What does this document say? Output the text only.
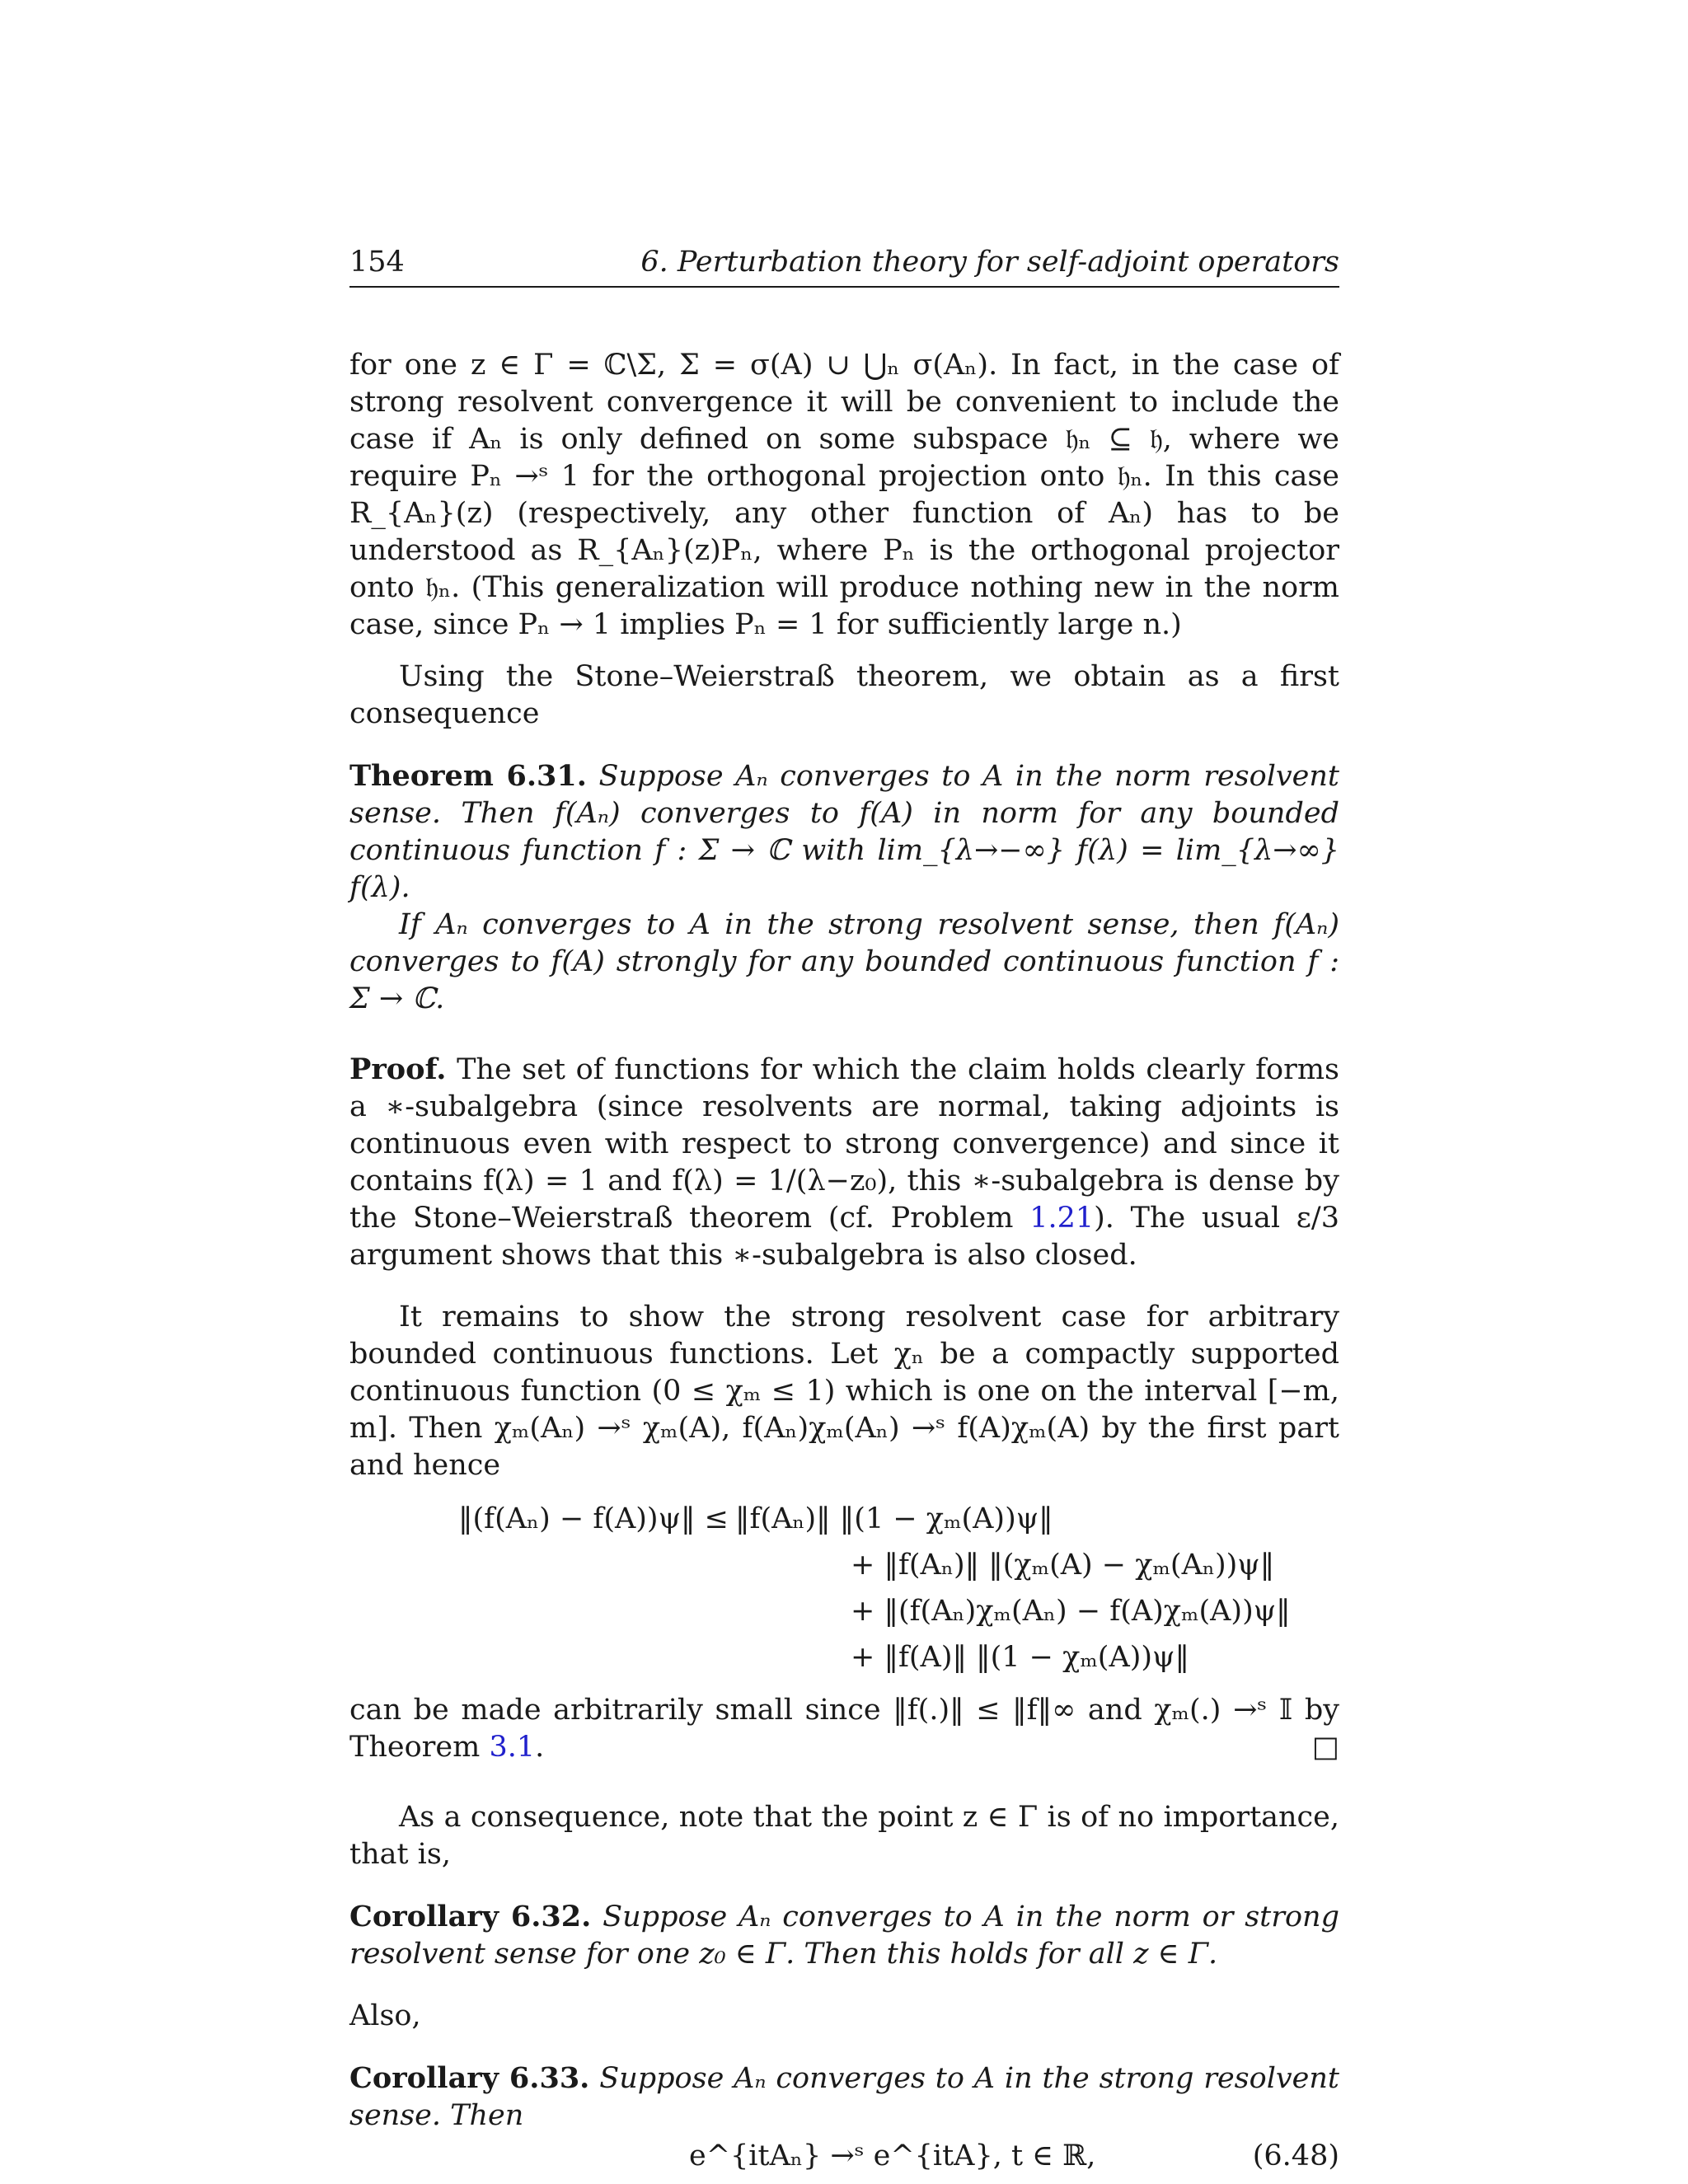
154	6. Perturbation theory for self-adjoint operators

for one z ∈ Γ = ℂ\Σ, Σ = σ(A) ∪ ⋃ₙ σ(Aₙ). In fact, in the case of strong resolvent convergence it will be convenient to include the case if Aₙ is only defined on some subspace 𝔥ₙ ⊆ 𝔥, where we require Pₙ →ˢ 1 for the orthogonal projection onto 𝔥ₙ. In this case R_{Aₙ}(z) (respectively, any other function of Aₙ) has to be understood as R_{Aₙ}(z)Pₙ, where Pₙ is the orthogonal projector onto 𝔥ₙ. (This generalization will produce nothing new in the norm case, since Pₙ → 1 implies Pₙ = 1 for sufficiently large n.)

Using the Stone–Weierstraß theorem, we obtain as a first consequence

Theorem 6.31. Suppose Aₙ converges to A in the norm resolvent sense. Then f(Aₙ) converges to f(A) in norm for any bounded continuous function f : Σ → ℂ with lim_{λ→−∞} f(λ) = lim_{λ→∞} f(λ).

If Aₙ converges to A in the strong resolvent sense, then f(Aₙ) converges to f(A) strongly for any bounded continuous function f : Σ → ℂ.

Proof. The set of functions for which the claim holds clearly forms a ∗-subalgebra (since resolvents are normal, taking adjoints is continuous even with respect to strong convergence) and since it contains f(λ) = 1 and f(λ) = 1/(λ−z₀), this ∗-subalgebra is dense by the Stone–Weierstraß theorem (cf. Problem 1.21). The usual ε/3 argument shows that this ∗-subalgebra is also closed.

It remains to show the strong resolvent case for arbitrary bounded continuous functions. Let χₙ be a compactly supported continuous function (0 ≤ χₘ ≤ 1) which is one on the interval [−m, m]. Then χₘ(Aₙ) →ˢ χₘ(A), f(Aₙ)χₘ(Aₙ) →ˢ f(A)χₘ(A) by the first part and hence

‖(f(Aₙ) − f(A))ψ‖ ≤ ‖f(Aₙ)‖ ‖(1 − χₘ(A))ψ‖
+ ‖f(Aₙ)‖ ‖(χₘ(A) − χₘ(Aₙ))ψ‖
+ ‖(f(Aₙ)χₘ(Aₙ) − f(A)χₘ(A))ψ‖
+ ‖f(A)‖ ‖(1 − χₘ(A))ψ‖

can be made arbitrarily small since ‖f(.)‖ ≤ ‖f‖∞ and χₘ(.) →ˢ 𝕀 by Theorem 3.1.	□

As a consequence, note that the point z ∈ Γ is of no importance, that is,

Corollary 6.32. Suppose Aₙ converges to A in the norm or strong resolvent sense for one z₀ ∈ Γ. Then this holds for all z ∈ Γ.

Also,

Corollary 6.33. Suppose Aₙ converges to A in the strong resolvent sense. Then

e^{itAₙ} →ˢ e^{itA}, t ∈ ℝ,	(6.48)
